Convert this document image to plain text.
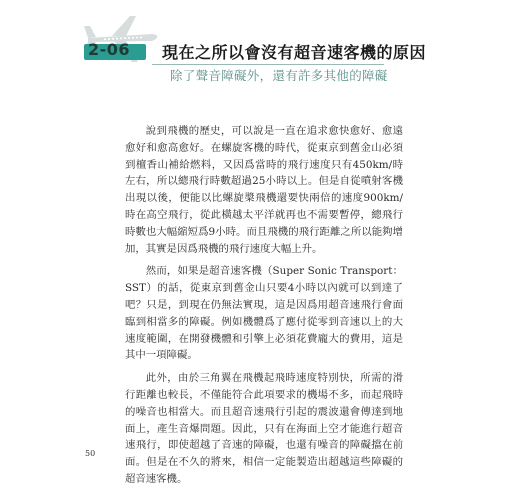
2-06 現在之所以會沒有超音速客機的原因
除了聲音障礙外，還有許多其他的障礙

說到飛機的歷史，可以說是一直在追求愈快愈好、愈遠愈好和愈高愈好。在螺旋客機的時代，從東京到舊金山必須到檀香山補給燃料，又因爲當時的飛行速度只有450km/時左右，所以總飛行時數超過25小時以上。但是自從噴射客機出現以後，便能以比螺旋槳飛機還要快兩倍的速度900km/時在高空飛行，從此橫越太平洋就再也不需要暫停，總飛行時數也大幅縮短爲9小時。而且飛機的飛行距離之所以能夠增加，其實是因爲飛機的飛行速度大幅上升。

然而，如果是超音速客機（Super Sonic Transport：SST）的話，從東京到舊金山只要4小時以內就可以到達了吧？只是，到現在仍無法實現，這是因爲用超音速飛行會面臨到相當多的障礙。例如機體爲了應付從零到音速以上的大速度範圍，在開發機體和引擎上必須花費龐大的費用，這是其中一項障礙。

此外，由於三角翼在飛機起飛時速度特別快，所需的滑行距離也較長，不僅能符合此項要求的機場不多，而起飛時的噪音也相當大。而且超音速飛行引起的震波還會傳達到地面上，產生音爆問題。因此，只有在海面上空才能進行超音速飛行，即使超越了音速的障礙，也還有噪音的障礙擋在前面。但是在不久的將來，相信一定能製造出超越這些障礙的超音速客機。

50
